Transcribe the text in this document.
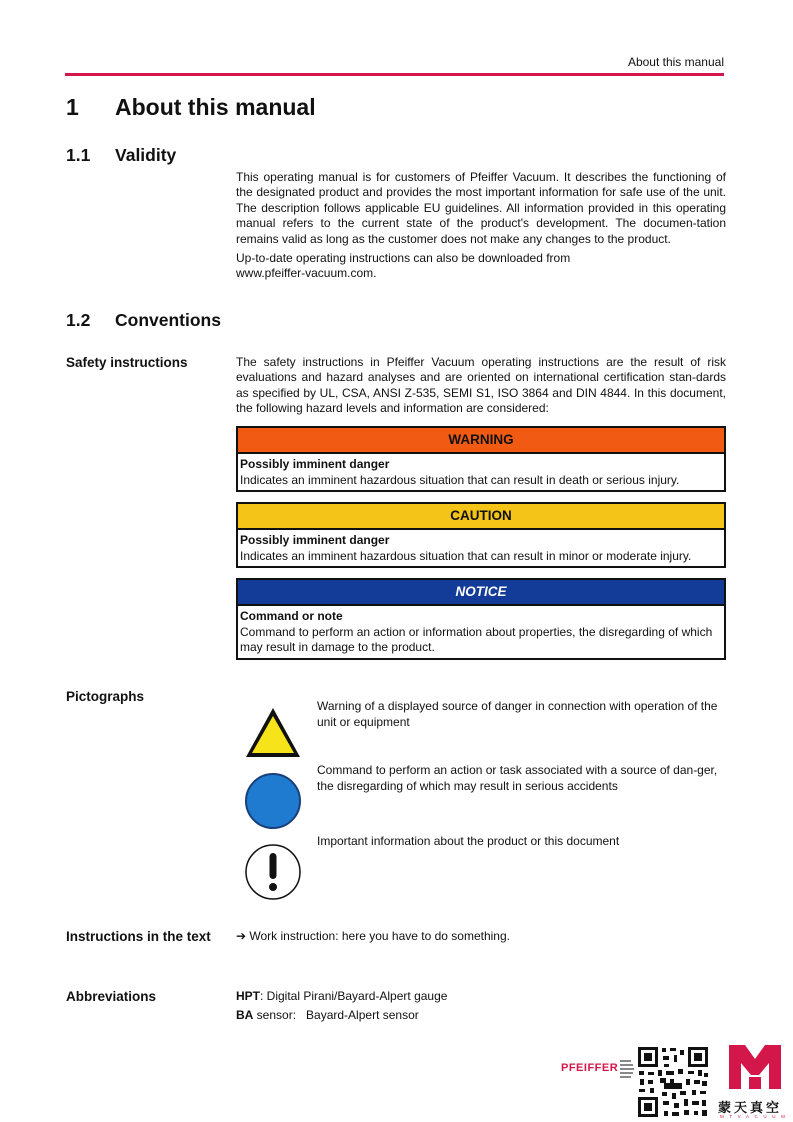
About this manual
1 About this manual
1.1 Validity

This operating manual is for customers of Pfeiffer Vacuum. It describes the functioning of the designated product and provides the most important information for safe use of the unit. The description follows applicable EU guidelines. All information provided in this operating manual refers to the current state of the product's development. The documen-tation remains valid as long as the customer does not make any changes to the product.

Up-to-date operating instructions can also be downloaded from www.pfeiffer-vacuum.com.

1.2 Conventions
Safety instructions	The safety instructions in Pfeiffer Vacuum operating instructions are the result of risk evaluations and hazard analyses and are oriented on international certification stan-dards as specified by UL, CSA, ANSI Z-535, SEMI S1, ISO 3864 and DIN 4844. In this document, the following hazard levels and information are considered:

WARNING
Possibly imminent danger
Indicates an imminent hazardous situation that can result in death or serious injury.
CAUTION
Possibly imminent danger
Indicates an imminent hazardous situation that can result in minor or moderate injury.
NOTICE
Command or note
Command to perform an action or information about properties, the disregarding of which may result in damage to the product.
Pictographs
Warning of a displayed source of danger in connection with operation of the unit or equipment
Command to perform an action or task associated with a source of dan-ger, the disregarding of which may result in serious accidents
Important information about the product or this document
Instructions in the text	➔ Work instruction: here you have to do something.
Abbreviations	HPT: Digital Pirani/Bayard-Alpert gauge
BA sensor:   Bayard-Alpert sensor
PFEIFFER
蒙天真空
M T V A C U U M
